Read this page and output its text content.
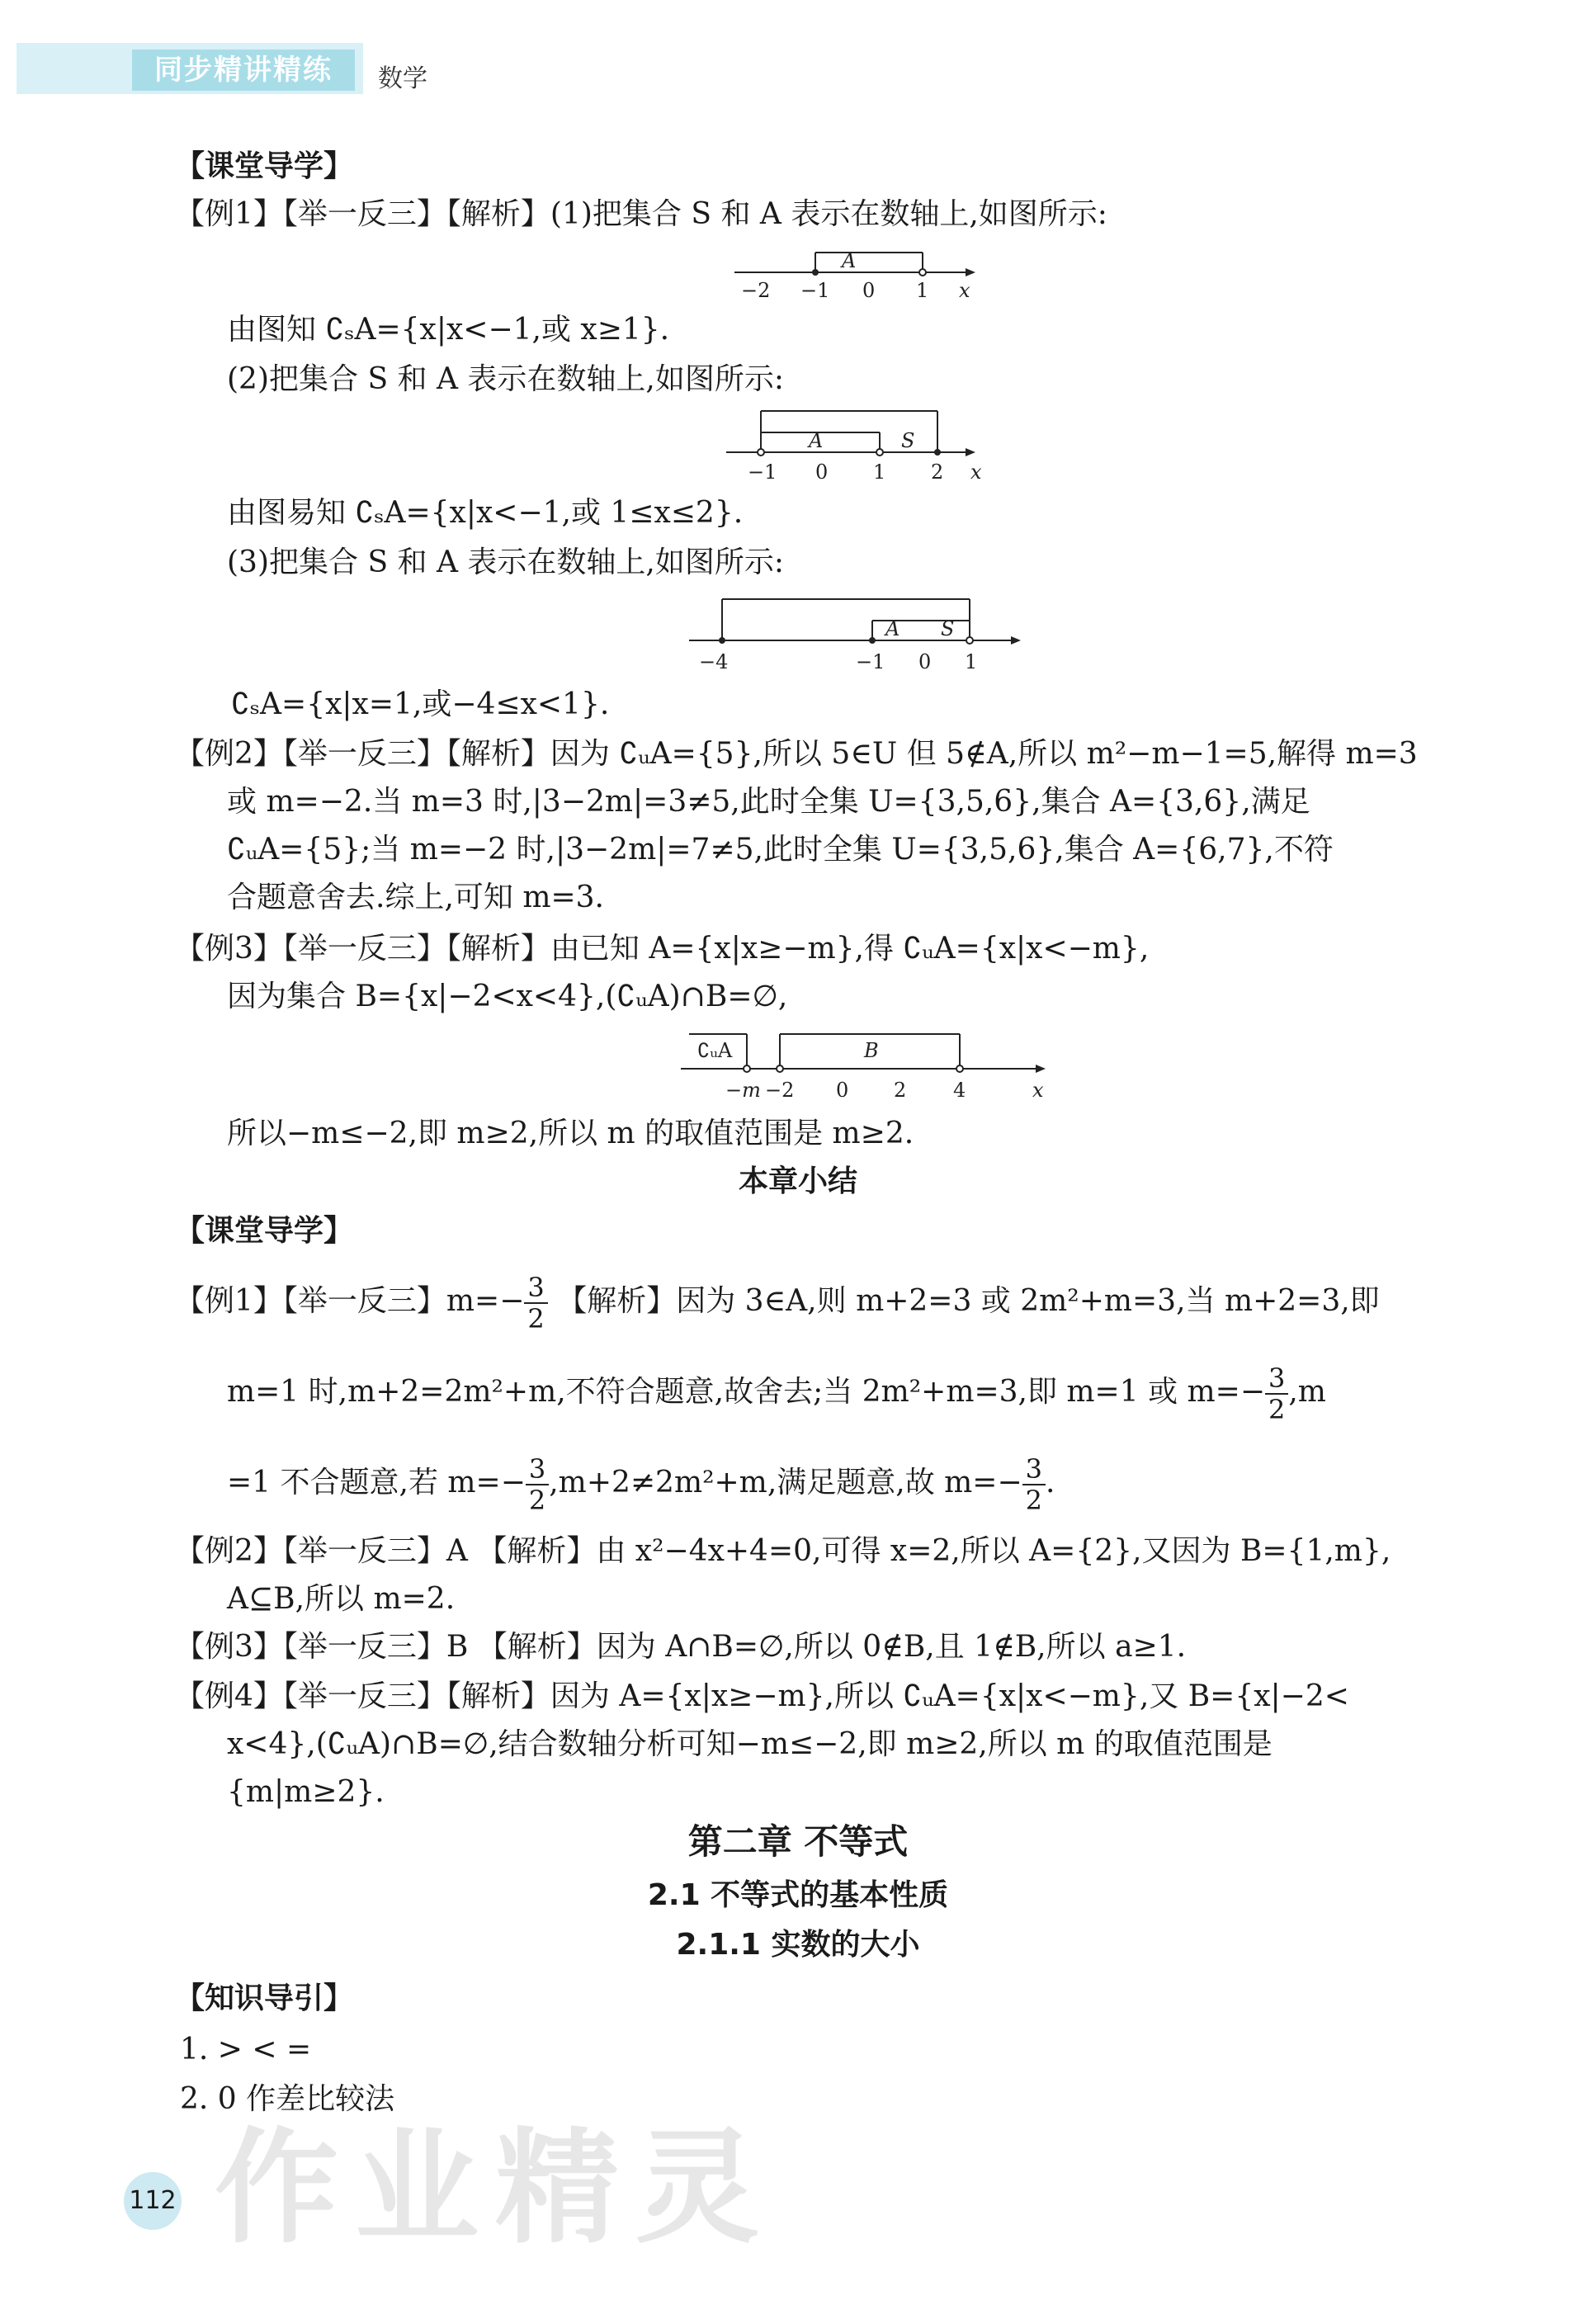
同步精讲精练	数学
【课堂导学】
【例1】【举一反三】【解析】(1)把集合 S 和 A 表示在数轴上,如图所示:
A
−2 −1 0 1 x
由图知 ∁ₛA={x|x<−1,或 x≥1}.
(2)把集合 S 和 A 表示在数轴上,如图所示:
A	S
−1 0 1 2 x
由图易知 ∁ₛA={x|x<−1,或 1≤x≤2}.
(3)把集合 S 和 A 表示在数轴上,如图所示:
A S
−4	−1 0 1
∁ₛA={x|x=1,或−4≤x<1}.
【例2】【举一反三】【解析】因为 ∁ᵤA={5},所以 5∈U 但 5∉A,所以 m²−m−1=5,解得 m=3
或 m=−2.当 m=3 时,|3−2m|=3≠5,此时全集 U={3,5,6},集合 A={3,6},满足
∁ᵤA={5};当 m=−2 时,|3−2m|=7≠5,此时全集 U={3,5,6},集合 A={6,7},不符
合题意舍去.综上,可知 m=3.
【例3】【举一反三】【解析】由已知 A={x|x≥−m},得 ∁ᵤA={x|x<−m},
因为集合 B={x|−2<x<4},(∁ᵤA)∩B=∅,
∁ᵤA	B
−m −2 0 2 4	x
所以−m≤−2,即 m≥2,所以 m 的取值范围是 m≥2.
本章小结
【课堂导学】
【例1】【举一反三】$m=- \frac{3}{2}$ 【解析】因为 3∈A,则 m+2=3 或 2m²+m=3,当 m+2=3,即
m=1 时,m+2=2m²+m,不符合题意,故舍去;当 2m²+m=3,即 m=1 或 $m=- \frac{3}{2} ,m$
=1 不合题意,若 $m=- \frac{3}{2} ,m+2\ne 2m^2+m$,满足题意,故 $m=- \frac{3}{2}$ .
【例2】【举一反三】A 【解析】由 x²−4x+4=0,可得 x=2,所以 A={2},又因为 B={1,m},
A⊆B,所以 m=2.
【例3】【举一反三】B 【解析】因为 A∩B=∅,所以 0∉B,且 1∉B,所以 a≥1.
【例4】【举一反三】【解析】因为 A={x|x≥−m},所以 ∁ᵤA={x|x<−m},又 B={x|−2<
x<4},(∁ᵤA)∩B=∅,结合数轴分析可知−m≤−2,即 m≥2,所以 m 的取值范围是
{m|m≥2}.
第二章 不等式
2.1 不等式的基本性质
2.1.1 实数的大小
【知识导引】
1. > < =
2. 0 作差比较法
作业精灵
112
